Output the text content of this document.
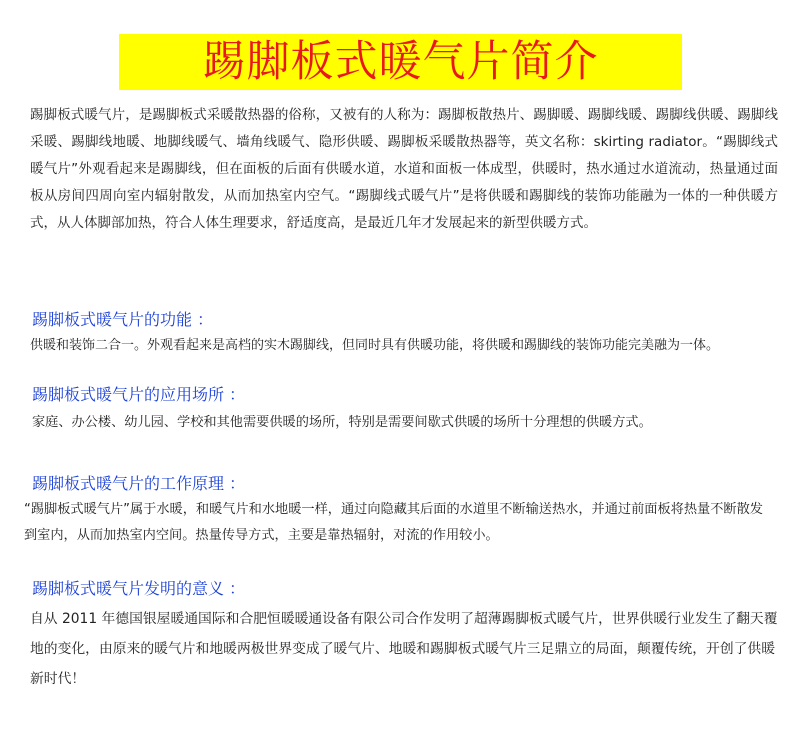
踢脚板式暖气片简介

踢脚板式暖气片，是踢脚板式采暖散热器的俗称，又被有的人称为：踢脚板散热片、踢脚暖、踢脚线暖、踢脚线供暖、踢脚线采暖、踢脚线地暖、地脚线暖气、墙角线暖气、隐形供暖、踢脚板采暖散热器等，英文名称：skirting radiator。“踢脚线式暖气片”外观看起来是踢脚线，但在面板的后面有供暖水道，水道和面板一体成型，供暖时，热水通过水道流动，热量通过面板从房间四周向室内辐射散发，从而加热室内空气。“踢脚线式暖气片”是将供暖和踢脚线的装饰功能融为一体的一种供暖方式，从人体脚部加热，符合人体生理要求，舒适度高，是最近几年才发展起来的新型供暖方式。

踢脚板式暖气片的功能 ：

供暖和装饰二合一。外观看起来是高档的实木踢脚线，但同时具有供暖功能，将供暖和踢脚线的装饰功能完美融为一体。

踢脚板式暖气片的应用场所 ：

家庭、办公楼、幼儿园、学校和其他需要供暖的场所，特别是需要间歇式供暖的场所十分理想的供暖方式。

踢脚板式暖气片的工作原理 ：

“踢脚板式暖气片”属于水暖，和暖气片和水地暖一样，通过向隐藏其后面的水道里不断输送热水，并通过前面板将热量不断散发到室内，从而加热室内空间。热量传导方式，主要是靠热辐射，对流的作用较小。

踢脚板式暖气片发明的意义 ：

自从 2011 年德国银屋暖通国际和合肥恒暖暖通设备有限公司合作发明了超薄踢脚板式暖气片，世界供暖行业发生了翻天覆地的变化，由原来的暖气片和地暖两极世界变成了暖气片、地暖和踢脚板式暖气片三足鼎立的局面，颠覆传统，开创了供暖新时代！
